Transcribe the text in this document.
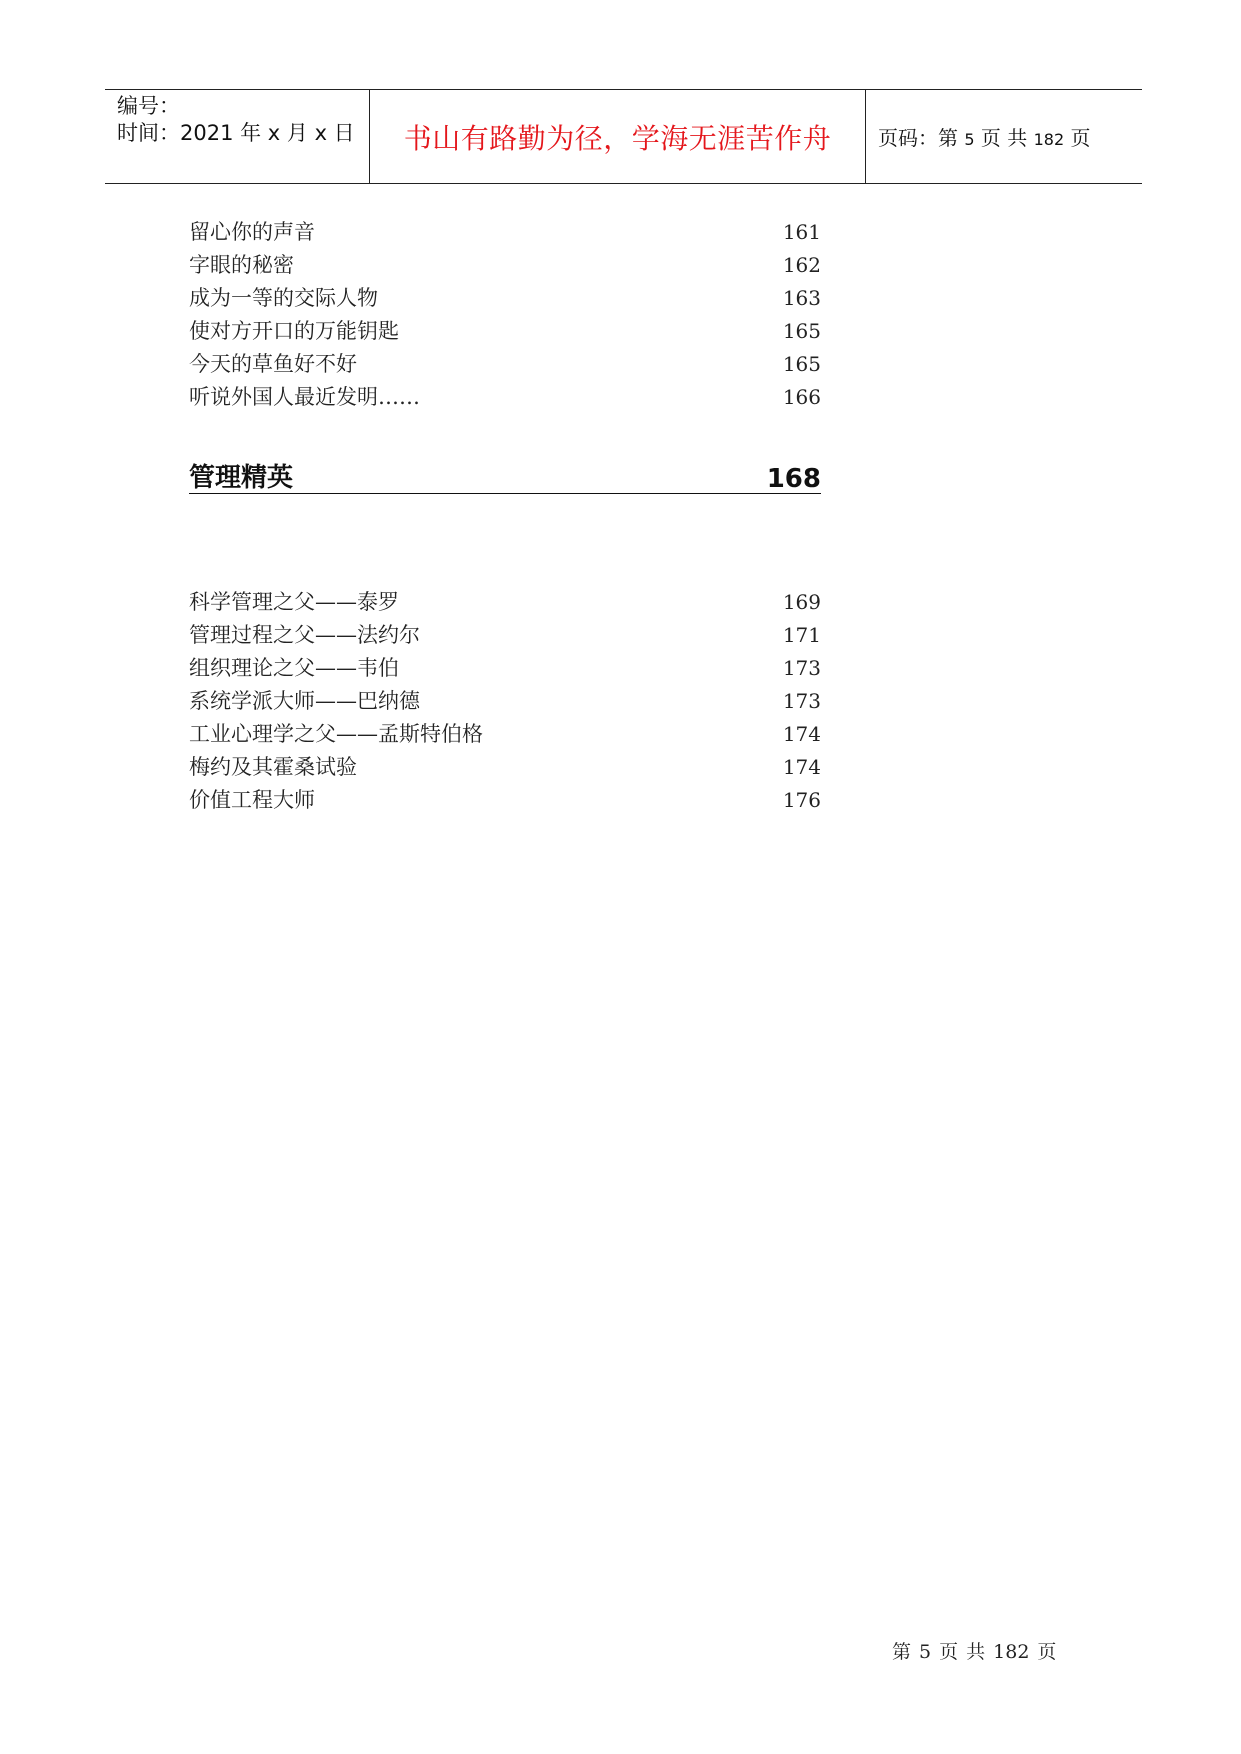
编号：
时间：2021 年 x 月 x 日 书山有路勤为径，学海无涯苦作舟 页码：第 5 页 共 182 页
留心你的声音	161
字眼的秘密	162
成为一等的交际人物	163
使对方开口的万能钥匙	165
今天的草鱼好不好	165
听说外国人最近发明……	166
管理精英	168
科学管理之父——泰罗	169
管理过程之父——法约尔	171
组织理论之父——韦伯	173
系统学派大师——巴纳德	173
工业心理学之父——孟斯特伯格	174
梅约及其霍桑试验	174
价值工程大师	176
第 5 页 共 182 页
